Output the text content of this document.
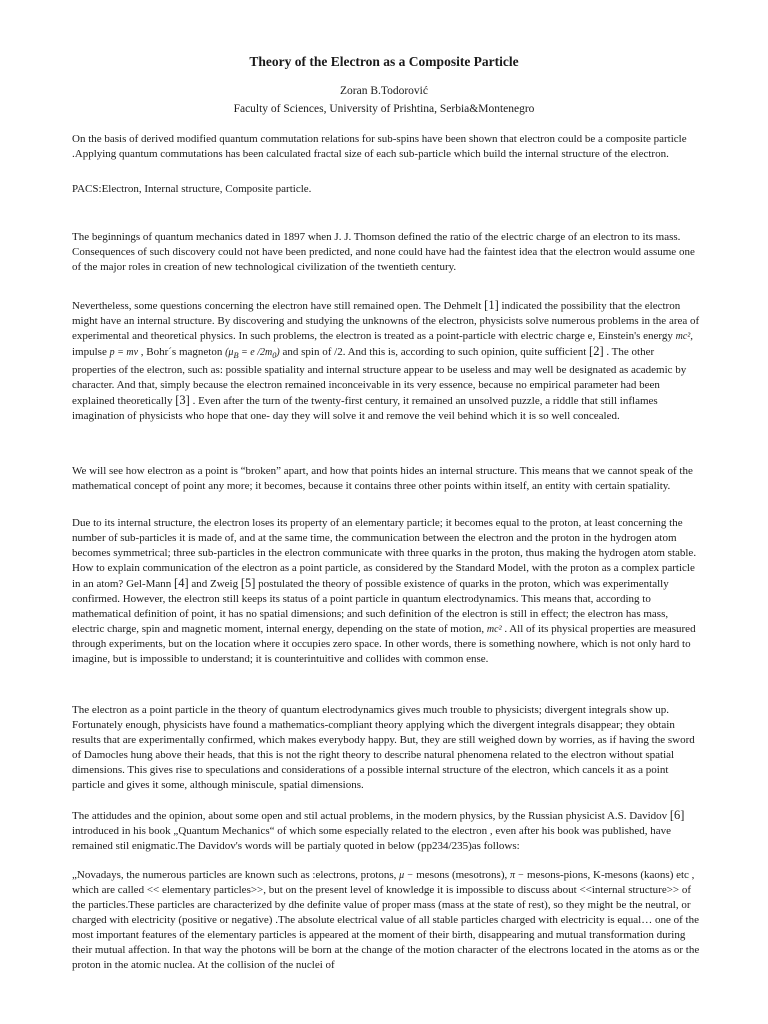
Theory of the Electron as a Composite Particle
Zoran B.Todorović
Faculty of Sciences, University of Prishtina, Serbia&Montenegro

On the basis of derived modified quantum commutation relations for sub-spins have been shown that electron could be a composite particle .Applying quantum commutations has been calculated fractal size of each sub-particle which build the internal structure of the electron.

PACS:Electron, Internal structure, Composite particle.

The beginnings of quantum mechanics dated in 1897 when J. J. Thomson defined the ratio of the electric charge of an electron to its mass. Consequences of such discovery could not have been predicted, and none could have had the faintest idea that the electron would assume one of the major roles in creation of new technological civilization of the twentieth century.

Nevertheless, some questions concerning the electron have still remained open. The Dehmelt [1] indicated the possibility that the electron might have an internal structure. By discovering and studying the unknowns of the electron, physicists solve numerous problems in the area of experimental and theoretical physics. In such problems, the electron is treated as a point-particle with electric charge e, Einstein's energy mc², impulse p = mv , Bohr´s magneton ($\mu_B = e$ $/2m_0$) and spin of /2. And this is, according to such opinion, quite sufficient [2] . The other properties of the electron, such as: possible spatiality and internal structure appear to be useless and may well be designated as academic by character. And that, simply because the electron remained inconceivable in its very essence, because no empirical parameter had been explained theoretically [3] . Even after the turn of the twenty-first century, it remained an unsolved puzzle, a riddle that still inflames imagination of physicists who hope that one- day they will solve it and remove the veil behind which it is so well concealed.

We will see how electron as a point is “broken” apart, and how that points hides an internal structure. This means that we cannot speak of the mathematical concept of point any more; it becomes, because it contains three other points within itself, an entity with certain spatiality.

Due to its internal structure, the electron loses its property of an elementary particle; it becomes equal to the proton, at least concerning the number of sub-particles it is made of, and at the same time, the communication between the electron and the proton in the hydrogen atom becomes symmetrical; three sub-particles in the electron communicate with three quarks in the proton, thus making the hydrogen atom stable. How to explain communication of the electron as a point particle, as considered by the Standard Model, with the proton as a complex particle in an atom? Gel-Mann [4] and Zweig [5] postulated the theory of possible existence of quarks in the proton, which was experimentally confirmed. However, the electron still keeps its status of a point particle in quantum electrodynamics. This means that, according to mathematical definition of point, it has no spatial dimensions; and such definition of the electron is still in effect; the electron has mass, electric charge, spin and magnetic moment, internal energy, depending on the state of motion, mc² . All of its physical properties are measured through experiments, but on the location where it occupies zero space. In other words, there is something nowhere, which is not only hard to imagine, but is impossible to understand; it is counterintuitive and collides with common ense.

The electron as a point particle in the theory of quantum electrodynamics gives much trouble to physicists; divergent integrals show up. Fortunately enough, physicists have found a mathematics-compliant theory applying which the divergent integrals disappear; they obtain results that are experimentally confirmed, which makes everybody happy. But, they are still weighed down by worries, as if having the sword of Damocles hung above their heads, that this is not the right theory to describe natural phenomena related to the electron without spatial dimensions. This gives rise to speculations and considerations of a possible internal structure of the electron, which cancels it as a point particle and gives it some, although miniscule, spatial dimensions.

The attidudes and the opinion, about some open and stil actual problems, in the modern physics, by the Russian physicist A.S. Davidov [6] introduced in his book „Quantum Mechanics“ of which some especially related to the electron , even after his book was published, have remained stil enigmatic.The Davidov's words will be partialy quoted in below (pp234/235)as follows:

„Novadays, the numerous particles are known such as :electrons, protons, μ − mesons (mesotrons), π − mesons-pions, K-mesons (kaons) etc , which are called << elementary particles>>, but on the present level of knowledge it is impossible to discuss about <<internal structure>> of the particles.These particles are characterized by dhe definite value of proper mass (mass at the state of rest), so they might be the neutral, or charged with electricity (positive or negative) .The absolute electrical value of all stable particles charged with electricity is equal… one of the most important features of the elementary particles is appeared at the moment of their birth, disappearing and mutual transformation during their mutual affection. In that way the photons will be born at the change of the motion character of the electrons located in the atoms as or the proton in the atomic nuclea. At the collision of the nuclei of
